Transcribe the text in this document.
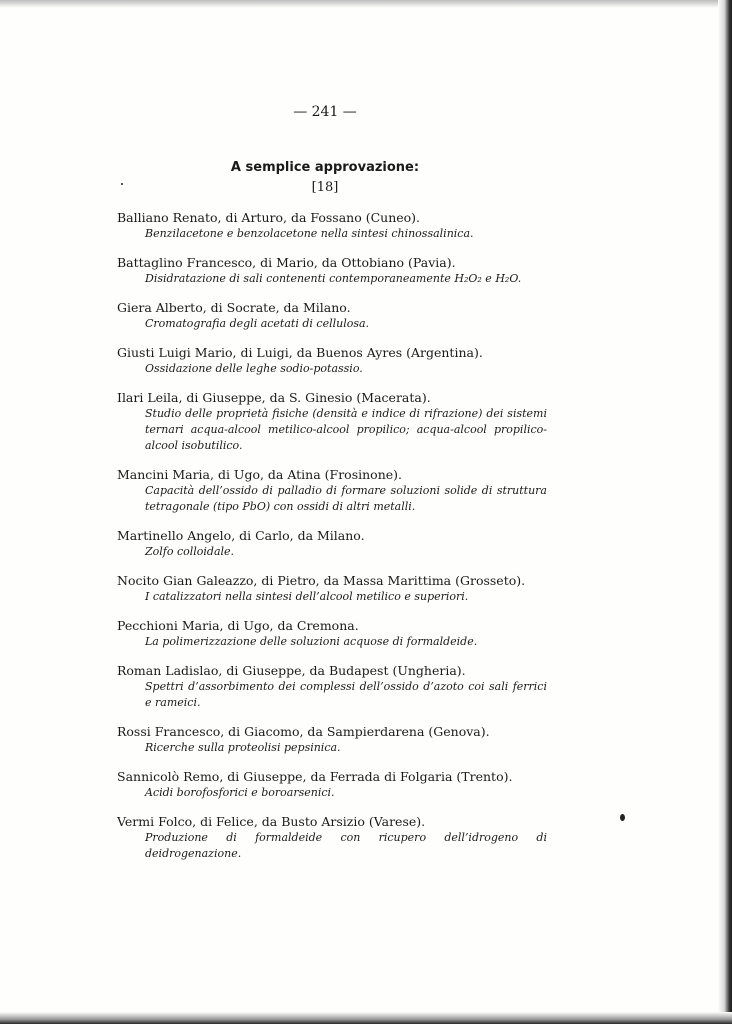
— 241 —
A semplice approvazione:
[18]
Balliano Renato, di Arturo, da Fossano (Cuneo).
Benzilacetone e benzolacetone nella sintesi chinossalinica.
Battaglino Francesco, di Mario, da Ottobiano (Pavia).
Disidratazione di sali contenenti contemporaneamente H₂O₂ e H₂O.
Giera Alberto, di Socrate, da Milano.
Cromatografia degli acetati di cellulosa.
Giusti Luigi Mario, di Luigi, da Buenos Ayres (Argentina).
Ossidazione delle leghe sodio-potassio.
Ilari Leila, di Giuseppe, da S. Ginesio (Macerata).
Studio delle proprietà fisiche (densità e indice di rifrazione) dei sistemi ternari acqua-alcool metilico-alcool propilico; acqua-alcool propilico-alcool isobutilico.
Mancini Maria, di Ugo, da Atina (Frosinone).
Capacità dell’ossido di palladio di formare soluzioni solide di struttura tetragonale (tipo PbO) con ossidi di altri metalli.
Martinello Angelo, di Carlo, da Milano.
Zolfo colloidale.
Nocito Gian Galeazzo, di Pietro, da Massa Marittima (Grosseto).
I catalizzatori nella sintesi dell’alcool metilico e superiori.
Pecchioni Maria, di Ugo, da Cremona.
La polimerizzazione delle soluzioni acquose di formaldeide.
Roman Ladislao, di Giuseppe, da Budapest (Ungheria).
Spettri d’assorbimento dei complessi dell’ossido d’azoto coi sali ferrici e rameici.
Rossi Francesco, di Giacomo, da Sampierdarena (Genova).
Ricerche sulla proteolisi pepsinica.
Sannicolò Remo, di Giuseppe, da Ferrada di Folgaria (Trento).
Acidi borofosforici e boroarsenici.
Vermi Folco, di Felice, da Busto Arsizio (Varese).
Produzione di formaldeide con ricupero dell’idrogeno di deidrogenazione.
